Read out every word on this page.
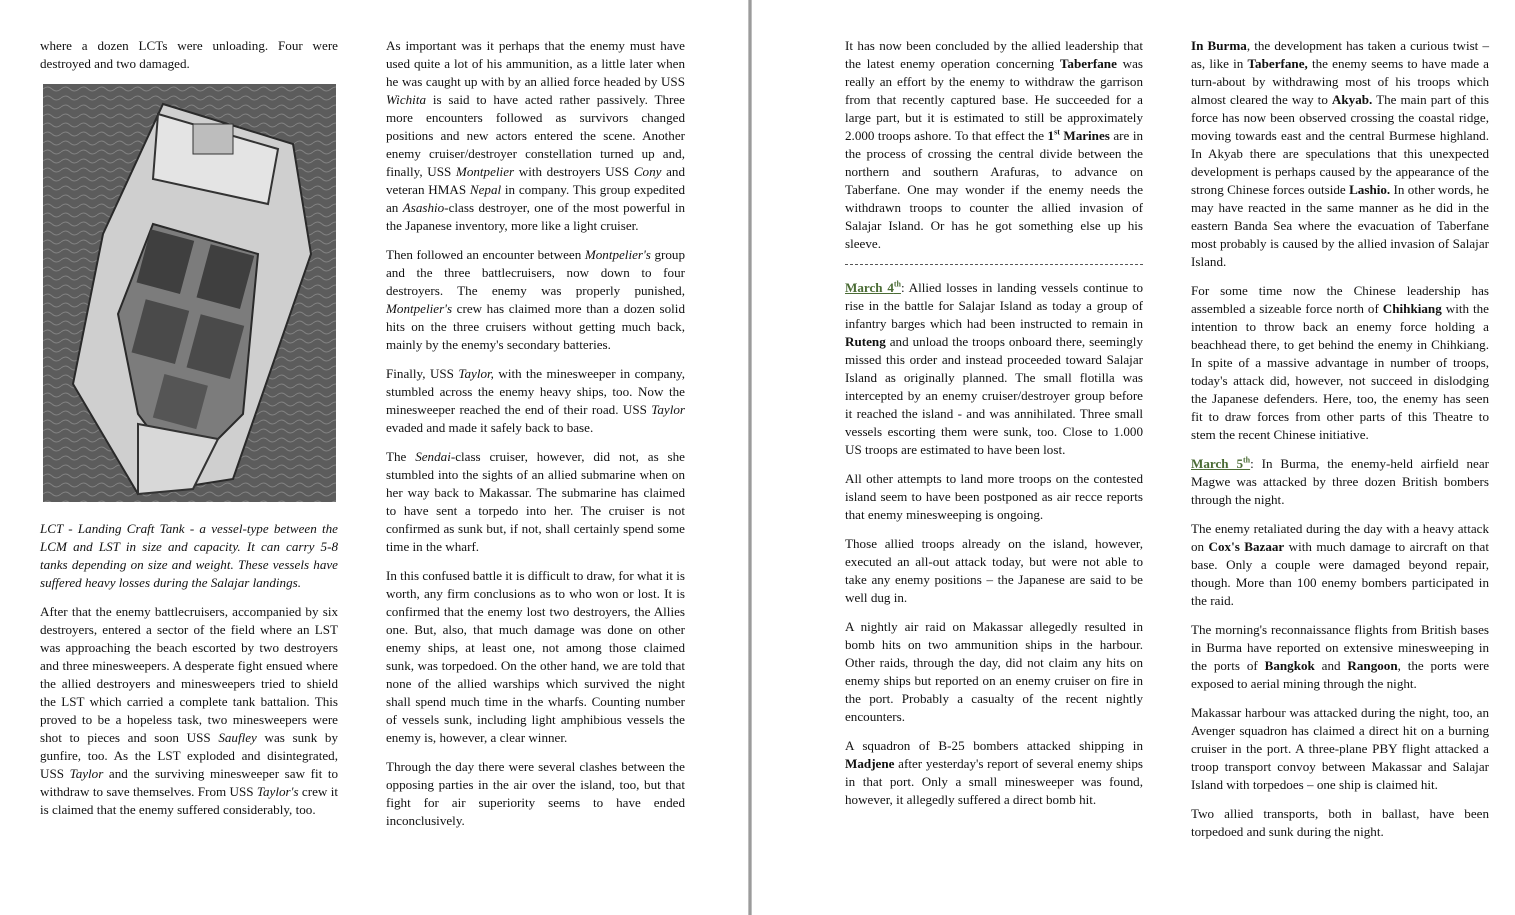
where a dozen LCTs were unloading. Four were destroyed and two damaged.

LCT - Landing Craft Tank - a vessel-type between the LCM and LST in size and capacity. It can carry 5-8 tanks depending on size and weight. These vessels have suffered heavy losses during the Salajar landings.

After that the enemy battlecruisers, accompanied by six destroyers, entered a sector of the field where an LST was approaching the beach escorted by two destroyers and three minesweepers. A desperate fight ensued where the allied destroyers and minesweepers tried to shield the LST which carried a complete tank battalion. This proved to be a hopeless task, two minesweepers were shot to pieces and soon USS Saufley was sunk by gunfire, too. As the LST exploded and disintegrated, USS Taylor and the surviving minesweeper saw fit to withdraw to save themselves. From USS Taylor's crew it is claimed that the enemy suffered considerably, too.

As important was it perhaps that the enemy must have used quite a lot of his ammunition, as a little later when he was caught up with by an allied force headed by USS Wichita is said to have acted rather passively. Three more encounters followed as survivors changed positions and new actors entered the scene. Another enemy cruiser/destroyer constellation turned up and, finally, USS Montpelier with destroyers USS Cony and veteran HMAS Nepal in company. This group expedited an Asashio-class destroyer, one of the most powerful in the Japanese inventory, more like a light cruiser.

Then followed an encounter between Montpelier's group and the three battlecruisers, now down to four destroyers. The enemy was properly punished, Montpelier's crew has claimed more than a dozen solid hits on the three cruisers without getting much back, mainly by the enemy's secondary batteries.

Finally, USS Taylor, with the minesweeper in company, stumbled across the enemy heavy ships, too. Now the minesweeper reached the end of their road. USS Taylor evaded and made it safely back to base.

The Sendai-class cruiser, however, did not, as she stumbled into the sights of an allied submarine when on her way back to Makassar. The submarine has claimed to have sent a torpedo into her. The cruiser is not confirmed as sunk but, if not, shall certainly spend some time in the wharf.

In this confused battle it is difficult to draw, for what it is worth, any firm conclusions as to who won or lost. It is confirmed that the enemy lost two destroyers, the Allies one. But, also, that much damage was done on other enemy ships, at least one, not among those claimed sunk, was torpedoed. On the other hand, we are told that none of the allied warships which survived the night shall spend much time in the wharfs. Counting number of vessels sunk, including light amphibious vessels the enemy is, however, a clear winner.

Through the day there were several clashes between the opposing parties in the air over the island, too, but that fight for air superiority seems to have ended inconclusively.

It has now been concluded by the allied leadership that the latest enemy operation concerning Taberfane was really an effort by the enemy to withdraw the garrison from that recently captured base. He succeeded for a large part, but it is estimated to still be approximately 2.000 troops ashore. To that effect the 1st Marines are in the process of crossing the central divide between the northern and southern Arafuras, to advance on Taberfane. One may wonder if the enemy needs the withdrawn troops to counter the allied invasion of Salajar Island. Or has he got something else up his sleeve.

March 4th: Allied losses in landing vessels continue to rise in the battle for Salajar Island as today a group of infantry barges which had been instructed to remain in Ruteng and unload the troops onboard there, seemingly missed this order and instead proceeded toward Salajar Island as originally planned. The small flotilla was intercepted by an enemy cruiser/destroyer group before it reached the island - and was annihilated. Three small vessels escorting them were sunk, too. Close to 1.000 US troops are estimated to have been lost.

All other attempts to land more troops on the contested island seem to have been postponed as air recce reports that enemy minesweeping is ongoing.

Those allied troops already on the island, however, executed an all-out attack today, but were not able to take any enemy positions – the Japanese are said to be well dug in.

A nightly air raid on Makassar allegedly resulted in bomb hits on two ammunition ships in the harbour. Other raids, through the day, did not claim any hits on enemy ships but reported on an enemy cruiser on fire in the port. Probably a casualty of the recent nightly encounters.

A squadron of B-25 bombers attacked shipping in Madjene after yesterday's report of several enemy ships in that port. Only a small minesweeper was found, however, it allegedly suffered a direct bomb hit.

In Burma, the development has taken a curious twist – as, like in Taberfane, the enemy seems to have made a turn-about by withdrawing most of his troops which almost cleared the way to Akyab. The main part of this force has now been observed crossing the coastal ridge, moving towards east and the central Burmese highland. In Akyab there are speculations that this unexpected development is perhaps caused by the appearance of the strong Chinese forces outside Lashio. In other words, he may have reacted in the same manner as he did in the eastern Banda Sea where the evacuation of Taberfane most probably is caused by the allied invasion of Salajar Island.

For some time now the Chinese leadership has assembled a sizeable force north of Chihkiang with the intention to throw back an enemy force holding a beachhead there, to get behind the enemy in Chihkiang. In spite of a massive advantage in number of troops, today's attack did, however, not succeed in dislodging the Japanese defenders. Here, too, the enemy has seen fit to draw forces from other parts of this Theatre to stem the recent Chinese initiative.

March 5th: In Burma, the enemy-held airfield near Magwe was attacked by three dozen British bombers through the night.

The enemy retaliated during the day with a heavy attack on Cox's Bazaar with much damage to aircraft on that base. Only a couple were damaged beyond repair, though. More than 100 enemy bombers participated in the raid.

The morning's reconnaissance flights from British bases in Burma have reported on extensive minesweeping in the ports of Bangkok and Rangoon, the ports were exposed to aerial mining through the night.

Makassar harbour was attacked during the night, too, an Avenger squadron has claimed a direct hit on a burning cruiser in the port. A three-plane PBY flight attacked a troop transport convoy between Makassar and Salajar Island with torpedoes – one ship is claimed hit.

Two allied transports, both in ballast, have been torpedoed and sunk during the night.
